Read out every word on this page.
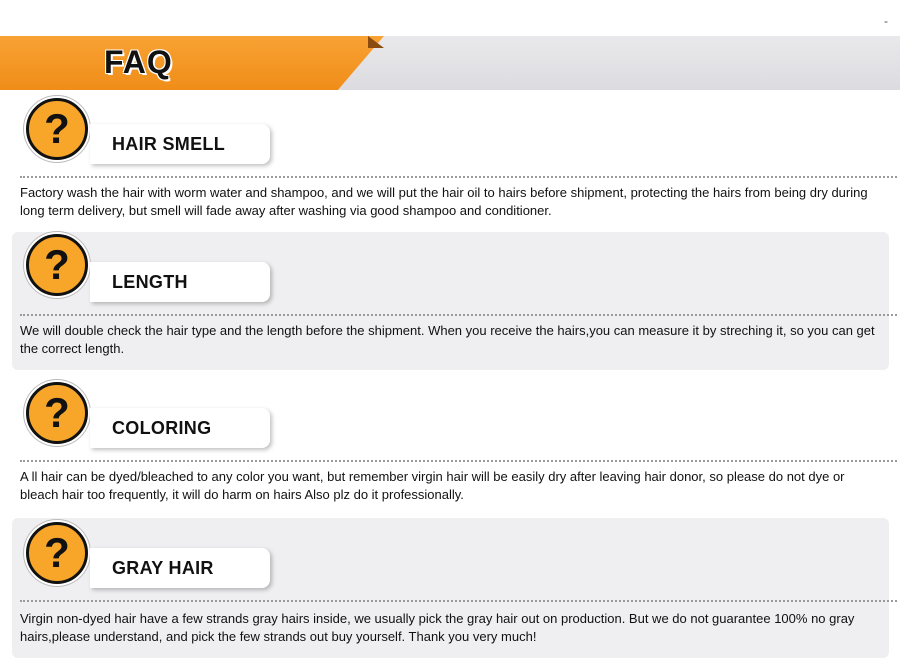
-
FAQ
?	HAIR SMELL
Factory wash the hair with worm water and shampoo, and we will put the hair oil to hairs before shipment, protecting the hairs from being dry during long term delivery, but smell will fade away after washing via good shampoo and conditioner.
?	LENGTH
We will double check the hair type and the length before the shipment. When you receive the hairs,you can measure it by streching it, so you can get the correct length.
?	COLORING
A ll hair can be dyed/bleached to any color you want, but remember virgin hair will be easily dry after leaving hair donor, so please do not dye or bleach hair too frequently, it will do harm on hairs Also plz do it professionally.
?	GRAY HAIR
Virgin non-dyed hair have a few strands gray hairs inside, we usually pick the gray hair out on production. But we do not guarantee 100% no gray hairs,please understand, and pick the few strands out buy yourself. Thank you very much!
